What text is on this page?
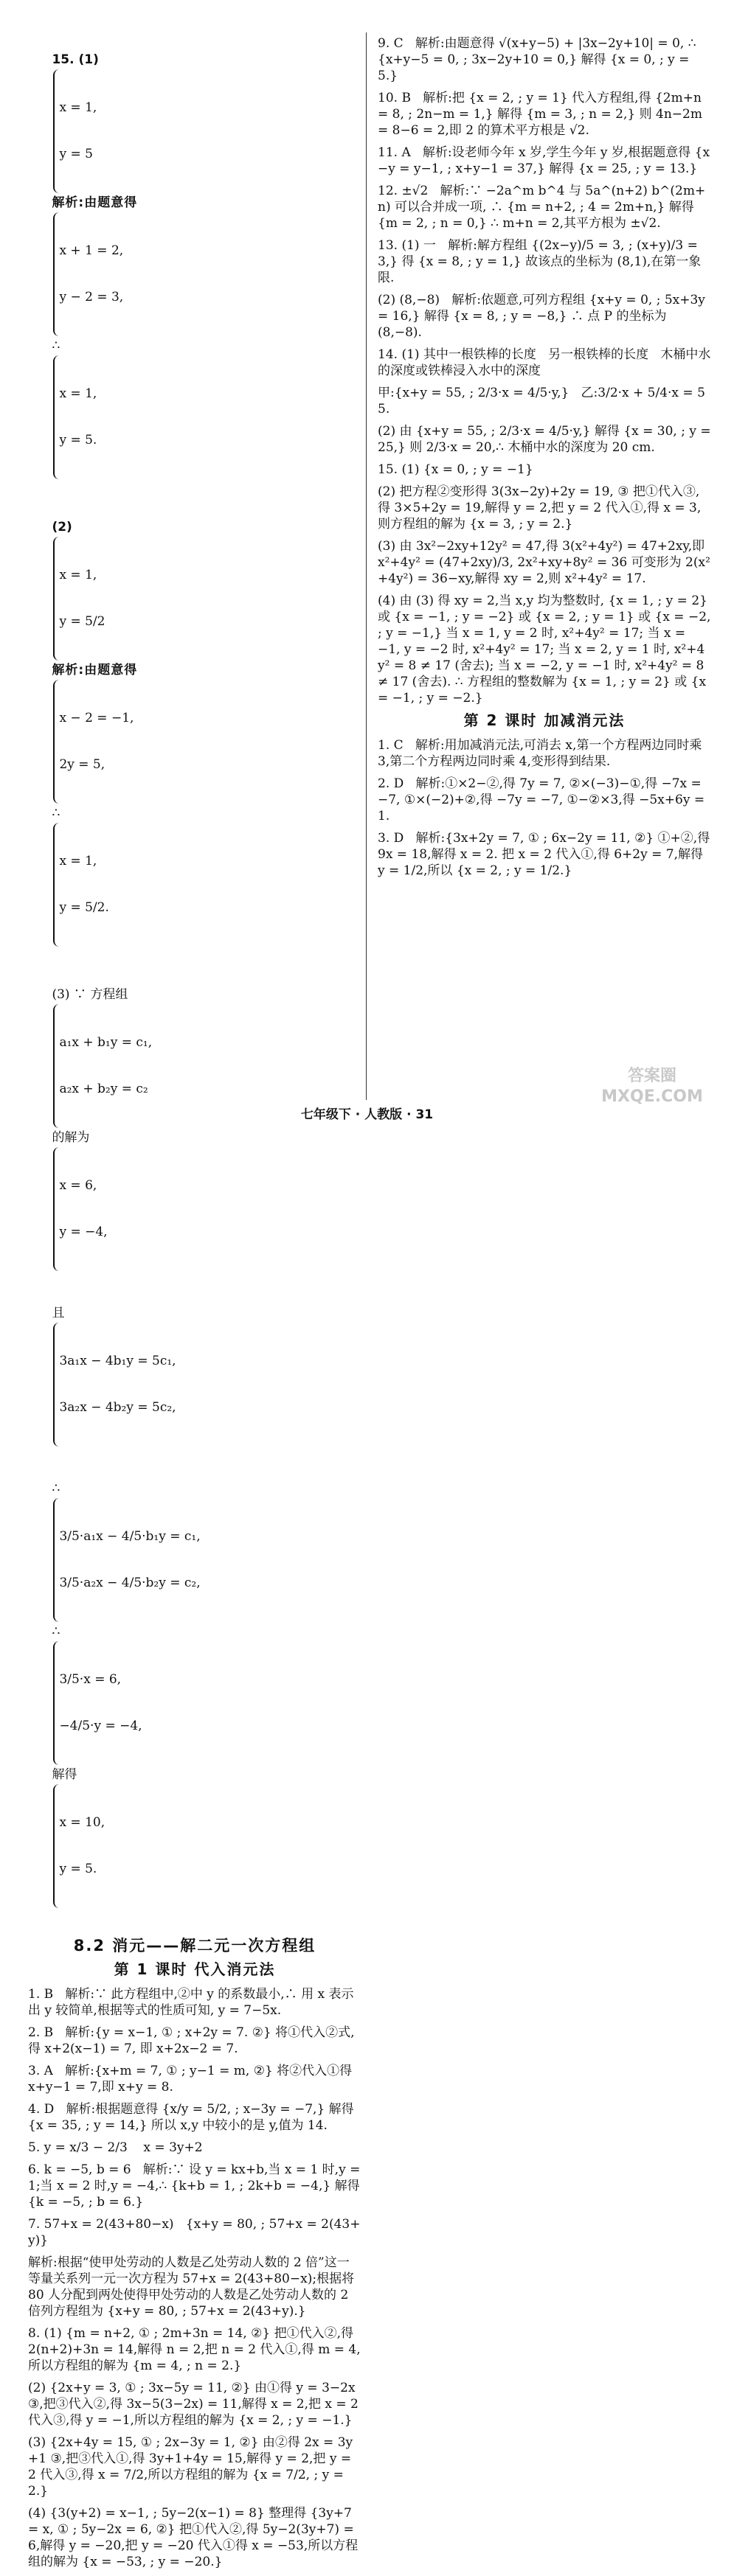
15. (1)

x = 1,

y = 5

解析:由题意得

x + 1 = 2,

y − 2 = 3,

∴

x = 1,

y = 5.

(2)

x = 1,

y = 5/2

解析:由题意得

x − 2 = −1,

2y = 5,

∴

x = 1,

y = 5/2.

(3) ∵ 方程组

a₁x + b₁y = c₁,

a₂x + b₂y = c₂

的解为

x = 6,

y = −4,

且

3a₁x − 4b₁y = 5c₁,

3a₂x − 4b₂y = 5c₂,

∴

3/5·a₁x − 4/5·b₁y = c₁,

3/5·a₂x − 4/5·b₂y = c₂,

∴

3/5·x = 6,

−4/5·y = −4,

解得

x = 10,

y = 5.

8.2 消元——解二元一次方程组
第 1 课时 代入消元法
1. B   解析:∵ 此方程组中,②中 y 的系数最小,∴ 用 x 表示出 y 较简单,根据等式的性质可知, y = 7−5x.
2. B   解析:{y = x−1, ① ; x+2y = 7. ②} 将①代入②式,得 x+2(x−1) = 7, 即 x+2x−2 = 7.
3. A   解析:{x+m = 7, ① ; y−1 = m, ②} 将②代入①得 x+y−1 = 7,即 x+y = 8.
4. D   解析:根据题意得 {x/y = 5/2, ; x−3y = −7,} 解得 {x = 35, ; y = 14,} 所以 x,y 中较小的是 y,值为 14.
5. y = x/3 − 2/3    x = 3y+2
6. k = −5, b = 6   解析:∵ 设 y = kx+b,当 x = 1 时,y = 1;当 x = 2 时,y = −4,∴ {k+b = 1, ; 2k+b = −4,} 解得 {k = −5, ; b = 6.}
7. 57+x = 2(43+80−x)   {x+y = 80, ; 57+x = 2(43+y)}
解析:根据“使甲处劳动的人数是乙处劳动人数的 2 倍”这一等量关系列一元一次方程为 57+x = 2(43+80−x);根据将 80 人分配到两处使得甲处劳动的人数是乙处劳动人数的 2 倍列方程组为 {x+y = 80, ; 57+x = 2(43+y).}
8. (1) {m = n+2, ① ; 2m+3n = 14, ②} 把①代入②,得 2(n+2)+3n = 14,解得 n = 2,把 n = 2 代入①,得 m = 4,所以方程组的解为 {m = 4, ; n = 2.}
(2) {2x+y = 3, ① ; 3x−5y = 11, ②} 由①得 y = 3−2x ③,把③代入②,得 3x−5(3−2x) = 11,解得 x = 2,把 x = 2 代入③,得 y = −1,所以方程组的解为 {x = 2, ; y = −1.}
(3) {2x+4y = 15, ① ; 2x−3y = 1, ②} 由②得 2x = 3y+1 ③,把③代入①,得 3y+1+4y = 15,解得 y = 2,把 y = 2 代入③,得 x = 7/2,所以方程组的解为 {x = 7/2, ; y = 2.}
(4) {3(y+2) = x−1, ; 5y−2(x−1) = 8} 整理得 {3y+7 = x, ① ; 5y−2x = 6, ②} 把①代入②,得 5y−2(3y+7) = 6,解得 y = −20,把 y = −20 代入①得 x = −53,所以方程组的解为 {x = −53, ; y = −20.}
9. C   解析:由题意得 √(x+y−5) + |3x−2y+10| = 0, ∴ {x+y−5 = 0, ; 3x−2y+10 = 0,} 解得 {x = 0, ; y = 5.}
10. B   解析:把 {x = 2, ; y = 1} 代入方程组,得 {2m+n = 8, ; 2n−m = 1,} 解得 {m = 3, ; n = 2,} 则 4n−2m = 8−6 = 2,即 2 的算术平方根是 √2.
11. A   解析:设老师今年 x 岁,学生今年 y 岁,根据题意得 {x−y = y−1, ; x+y−1 = 37,} 解得 {x = 25, ; y = 13.}
12. ±√2   解析:∵ −2a^m b^4 与 5a^(n+2) b^(2m+n) 可以合并成一项, ∴ {m = n+2, ; 4 = 2m+n,} 解得 {m = 2, ; n = 0,} ∴ m+n = 2,其平方根为 ±√2.
13. (1) 一   解析:解方程组 {(2x−y)/5 = 3, ; (x+y)/3 = 3,} 得 {x = 8, ; y = 1,} 故该点的坐标为 (8,1),在第一象限.
(2) (8,−8)   解析:依题意,可列方程组 {x+y = 0, ; 5x+3y = 16,} 解得 {x = 8, ; y = −8,} ∴ 点 P 的坐标为 (8,−8).
14. (1) 其中一根铁棒的长度   另一根铁棒的长度   木桶中水的深度或铁棒浸入水中的深度
甲:{x+y = 55, ; 2/3·x = 4/5·y,}   乙:3/2·x + 5/4·x = 55.
(2) 由 {x+y = 55, ; 2/3·x = 4/5·y,} 解得 {x = 30, ; y = 25,} 则 2/3·x = 20,∴ 木桶中水的深度为 20 cm.
15. (1) {x = 0, ; y = −1}
(2) 把方程②变形得 3(3x−2y)+2y = 19, ③ 把①代入③,得 3×5+2y = 19,解得 y = 2,把 y = 2 代入①,得 x = 3,则方程组的解为 {x = 3, ; y = 2.}
(3) 由 3x²−2xy+12y² = 47,得 3(x²+4y²) = 47+2xy,即 x²+4y² = (47+2xy)/3, 2x²+xy+8y² = 36 可变形为 2(x²+4y²) = 36−xy,解得 xy = 2,则 x²+4y² = 17.
(4) 由 (3) 得 xy = 2,当 x,y 均为整数时, {x = 1, ; y = 2} 或 {x = −1, ; y = −2} 或 {x = 2, ; y = 1} 或 {x = −2, ; y = −1,} 当 x = 1, y = 2 时, x²+4y² = 17; 当 x = −1, y = −2 时, x²+4y² = 17; 当 x = 2, y = 1 时, x²+4y² = 8 ≠ 17 (舍去); 当 x = −2, y = −1 时, x²+4y² = 8 ≠ 17 (舍去). ∴ 方程组的整数解为 {x = 1, ; y = 2} 或 {x = −1, ; y = −2.}
第 2 课时 加减消元法
1. C   解析:用加减消元法,可消去 x,第一个方程两边同时乘 3,第二个方程两边同时乘 4,变形得到结果.
2. D   解析:①×2−②,得 7y = 7, ②×(−3)−①,得 −7x = −7, ①×(−2)+②,得 −7y = −7, ①−②×3,得 −5x+6y = 1.
3. D   解析:{3x+2y = 7, ① ; 6x−2y = 11, ②} ①+②,得 9x = 18,解得 x = 2. 把 x = 2 代入①,得 6+2y = 7,解得 y = 1/2,所以 {x = 2, ; y = 1/2.}
七年级下 · 人教版 · 31
答案圈
MXQE.COM
